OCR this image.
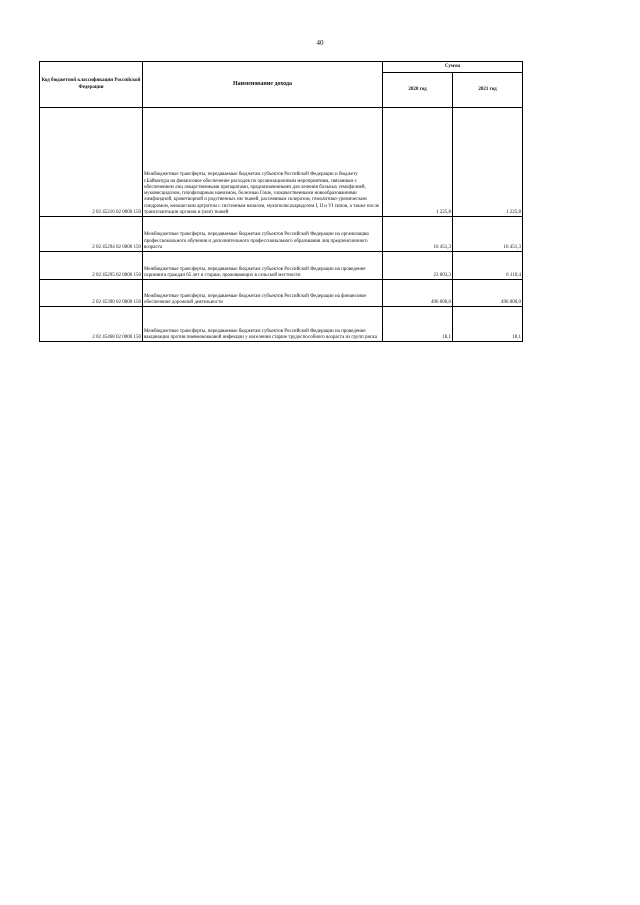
40
Код бюджетной классификации Российской Федерации	Наименование дохода	Сумма	
		2020 год	2021 год
2 02 45216 02 0000 150	Межбюджетные трансферты, передаваемые бюджетам субъектов Российской Федерации и бюджету г.Байконура на финансовое обеспечение расходов по организационным мероприятиям, связанным с обеспечением лиц лекарственными препаратами, предназначенными для лечения больных гемофилией, муковисцидозом, гипофизарным нанизмом, болезнью Гоше, злокачественными новообразованиями лимфоидной, кроветворной и родственных им тканей, рассеянным склерозом, гемолитико-уремическим синдромом, юношеским артритом с системным началом, мукополисахаридозом I, II и VI типов, а также после трансплантации органов и (или) тканей	1 225,8	1 225,8
2 02 45294 02 0000 150	Межбюджетные трансферты, передаваемые бюджетам субъектов Российской Федерации на организацию профессионального обучения и дополнительного профессионального образования лиц предпенсионного возраста	16 451,3	16 451,3
2 02 45295 02 0000 150	Межбюджетные трансферты, передаваемые бюджетам субъектов Российской Федерации на проведение скрининга граждан 65 лет и старше, проживающих в сельской местности	23 603,3	6 110,4
2 02 45390 02 0000 150	Межбюджетные трансферты, передаваемые бюджетам субъектов Российской Федерации на финансовое обеспечение дорожной деятельности	496 000,0	496 000,0
2 02 45468 02 0000 150	Межбюджетные трансферты, передаваемые бюджетам субъектов Российской Федерации на проведение вакцинации против пневмококковой инфекции у населения старше трудоспособного возраста из групп риска	18,1	18,1
